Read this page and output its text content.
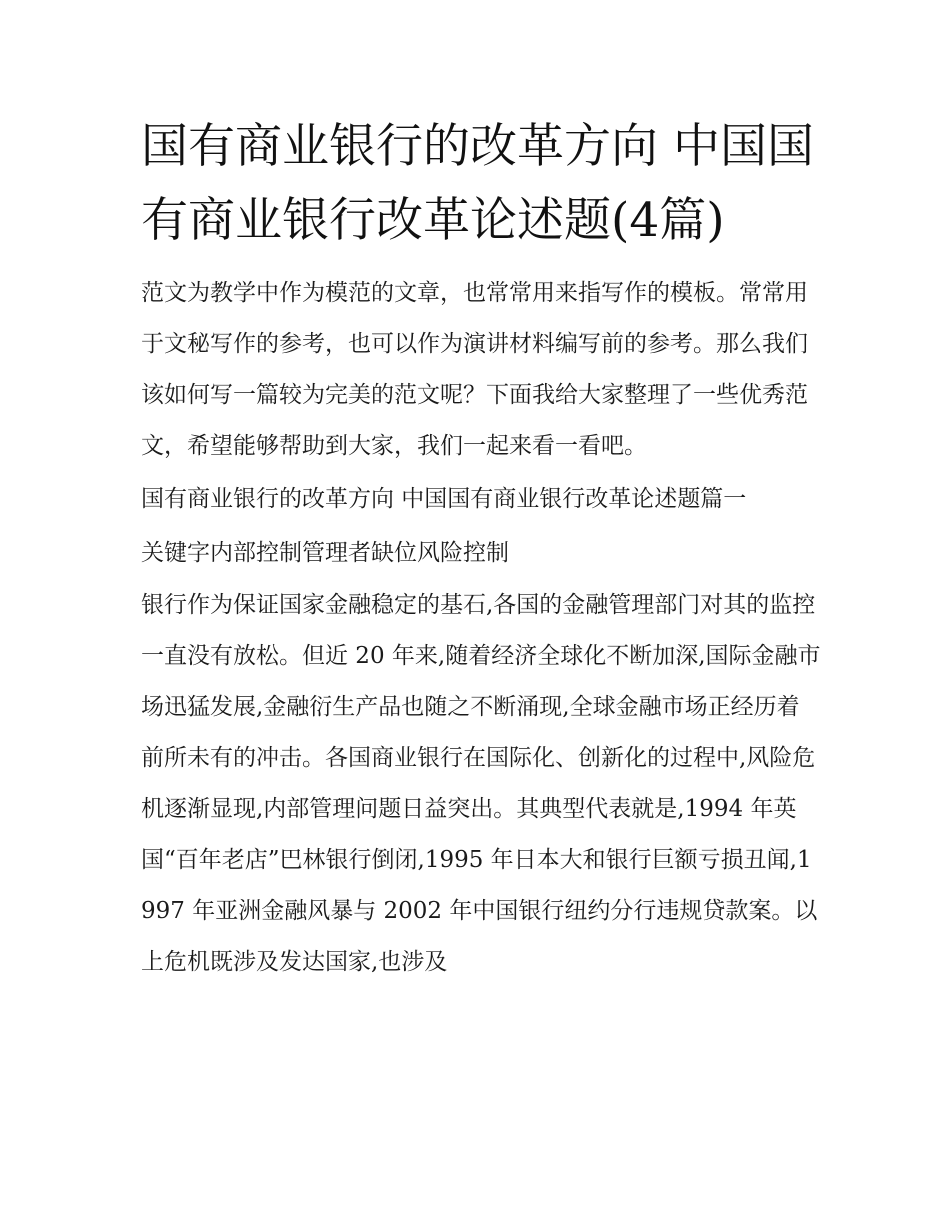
国有商业银行的改革方向 中国国有商业银行改革论述题(4篇)

范文为教学中作为模范的文章，也常常用来指写作的模板。常常用于文秘写作的参考，也可以作为演讲材料编写前的参考。那么我们该如何写一篇较为完美的范文呢？下面我给大家整理了一些优秀范文，希望能够帮助到大家，我们一起来看一看吧。

国有商业银行的改革方向 中国国有商业银行改革论述题篇一

关键字内部控制管理者缺位风险控制

银行作为保证国家金融稳定的基石,各国的金融管理部门对其的监控一直没有放松。但近 20 年来,随着经济全球化不断加深,国际金融市场迅猛发展,金融衍生产品也随之不断涌现,全球金融市场正经历着前所未有的冲击。各国商业银行在国际化、创新化的过程中,风险危机逐渐显现,内部管理问题日益突出。其典型代表就是,1994 年英国“百年老店”巴林银行倒闭,1995 年日本大和银行巨额亏损丑闻,1997 年亚洲金融风暴与 2002 年中国银行纽约分行违规贷款案。以上危机既涉及发达国家,也涉及
